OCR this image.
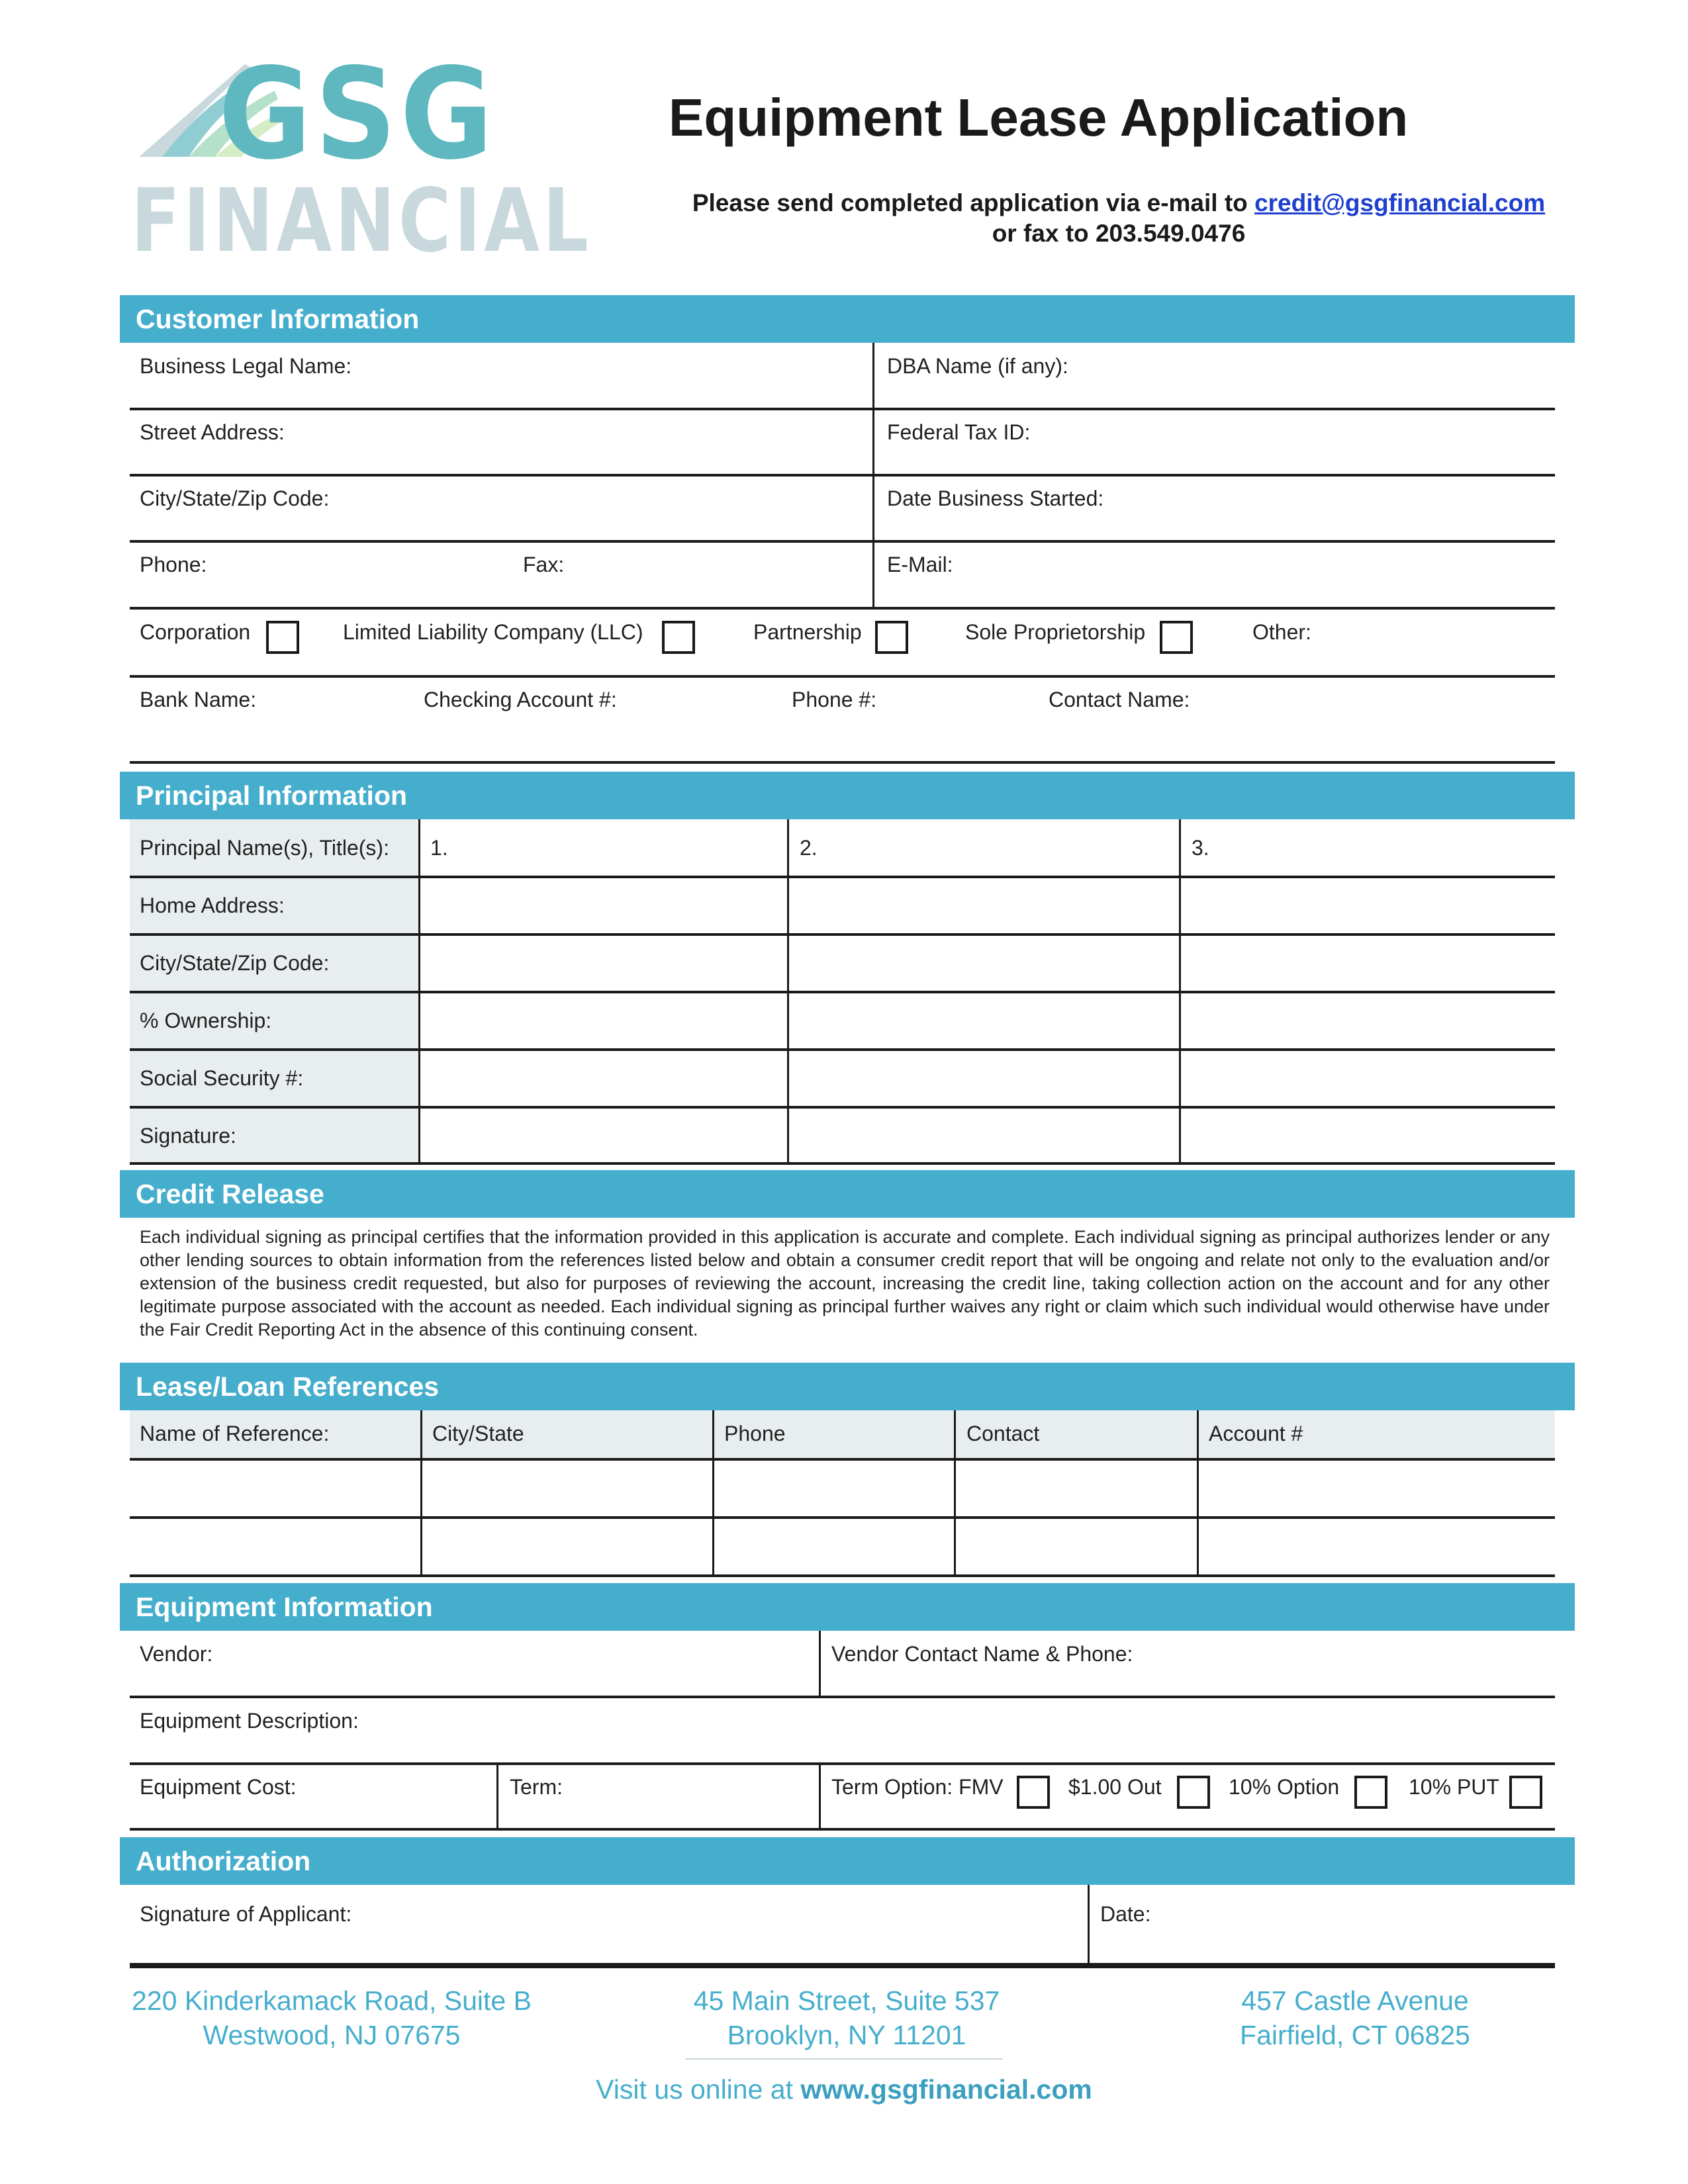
GSG
FINANCIAL
Equipment Lease Application
Please send completed application via e-mail to credit@gsgfinancial.com
or fax to 203.549.0476
Customer Information
Business Legal Name:	DBA Name (if any):
Street Address:	Federal Tax ID:
City/State/Zip Code:	Date Business Started:
Phone:	Fax:	E-Mail:
Corporation	Limited Liability Company (LLC)	Partnership	Sole Proprietorship	Other:
Bank Name:	Checking Account #:	Phone #:	Contact Name:
Principal Information
Principal Name(s), Title(s): 1.	2.	3.
Home Address:
City/State/Zip Code:
% Ownership:
Social Security #:
Signature:
Credit Release
Each individual signing as principal certifies that the information provided in this application is accurate and complete. Each individual signing as principal authorizes lender or any other lending sources to obtain information from the references listed below and obtain a consumer credit report that will be ongoing and relate not only to the evaluation and/or extension of the business credit requested, but also for purposes of reviewing the account, increasing the credit line, taking collection action on the account and for any other legitimate purpose associated with the account as needed. Each individual signing as principal further waives any right or claim which such individual would otherwise have under the Fair Credit Reporting Act in the absence of this continuing consent.
Lease/Loan References
Name of Reference:	City/State	Phone	Contact	Account #
Equipment Information
Vendor:	Vendor Contact Name & Phone:
Equipment Description:
Equipment Cost:	Term:	Term Option: FMV	$1.00 Out	10% Option	10% PUT
Authorization
Signature of Applicant:	Date:
220 Kinderkamack Road, Suite B
Westwood, NJ 07675
45 Main Street, Suite 537
Brooklyn, NY 11201
457 Castle Avenue
Fairfield, CT 06825
Visit us online at www.gsgfinancial.com
